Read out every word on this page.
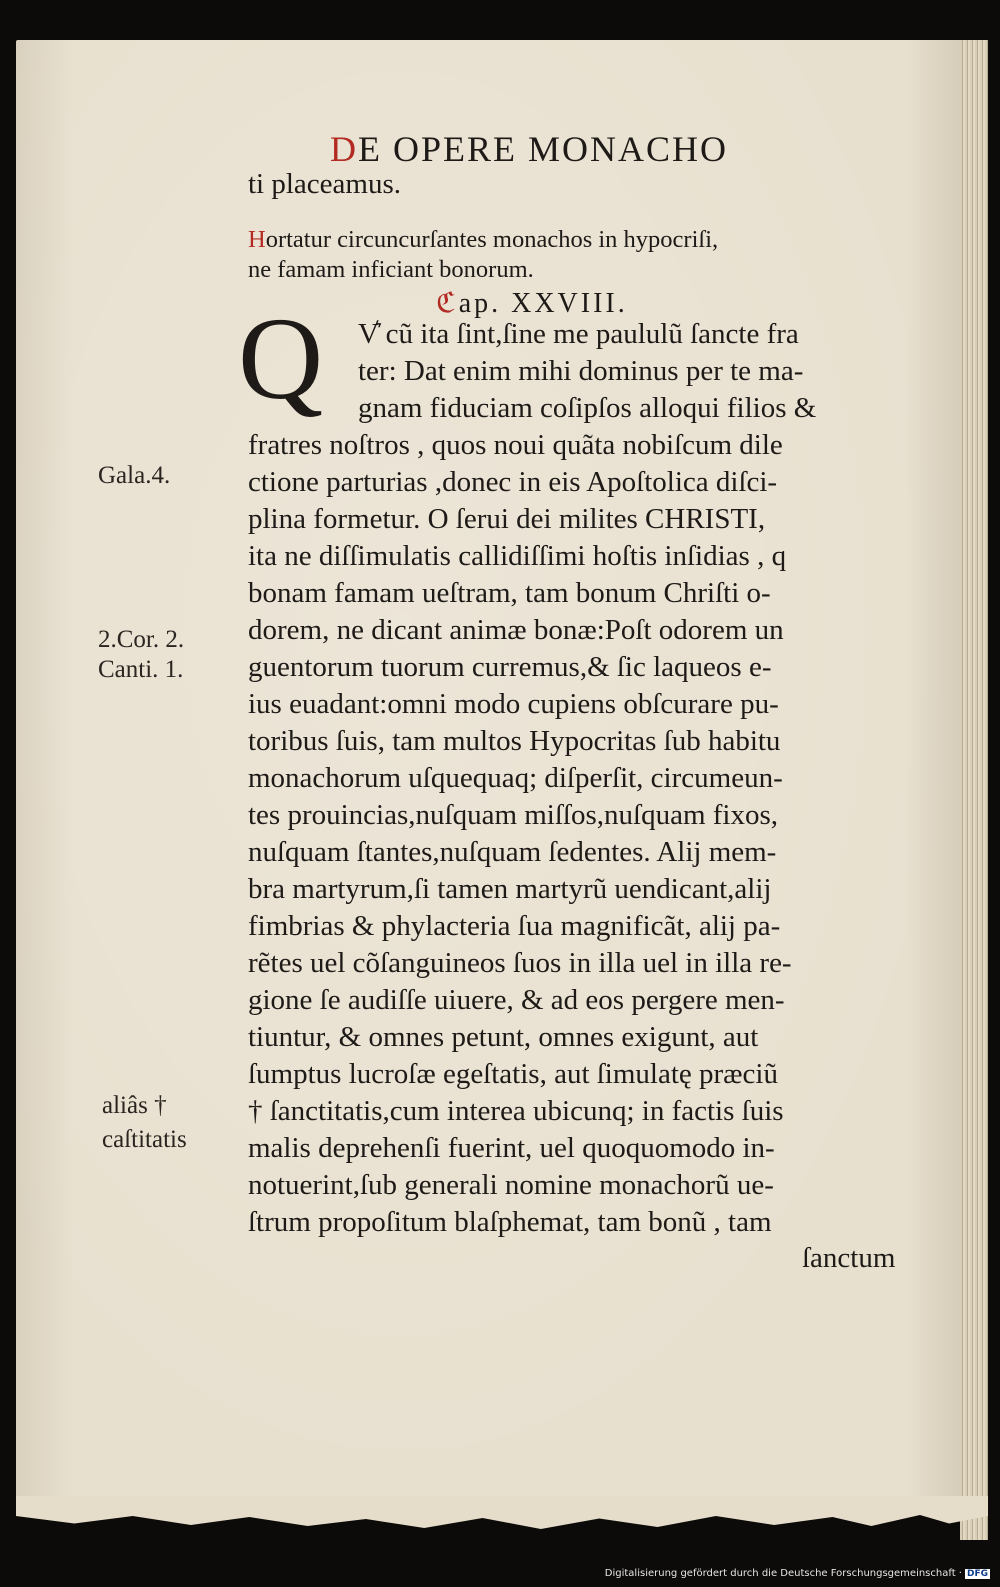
DE OPERE MONACHO
ti placeamus.
Hortatur circuncurſantes monachos in hypocriſi,
ne famam inficiant bonorum.
ℭap. XXVIII.
Q V͛ cũ ita ſint,ſine me paululũ ſancte fra
ter: Dat enim mihi dominus per te ma-
gnam fiduciam coſipſos alloqui filios &
fratres noſtros , quos noui quãta nobiſcum dile
ctione parturias ,donec in eis Apoſtolica diſci-
plina formetur. O ſerui dei milites CHRISTI,
ita ne diſſimulatis callidiſſimi hoſtis inſidias , q
bonam famam ueſtram, tam bonum Chriſti o-
dorem, ne dicant animæ bonæ:Poſt odorem un
guentorum tuorum curremus,& ſic laqueos e-
ius euadant:omni modo cupiens obſcurare pu-
toribus ſuis, tam multos Hypocritas ſub habitu
monachorum uſquequaq; diſperſit, circumeun-
tes prouincias,nuſquam miſſos,nuſquam fixos,
nuſquam ſtantes,nuſquam ſedentes. Alij mem-
bra martyrum,ſi tamen martyrũ uendicant,alij
fimbrias & phylacteria ſua magnificãt, alij pa-
rẽtes uel cõſanguineos ſuos in illa uel in illa re-
gione ſe audiſſe uiuere, & ad eos pergere men-
tiuntur, & omnes petunt, omnes exigunt, aut
ſumptus lucroſæ egeſtatis, aut ſimulatę præciũ
† ſanctitatis,cum interea ubicunq; in factis ſuis
malis deprehenſi fuerint, uel quoquomodo in-
notuerint,ſub generali nomine monachorũ ue-
ſtrum propoſitum blaſphemat, tam bonũ , tam
ſanctum
Gala.4.
2.Cor. 2.
Canti. 1.
aliâs †
caſtitatis
Digitalisierung gefördert durch die Deutsche Forschungsgemeinschaft · DFG
